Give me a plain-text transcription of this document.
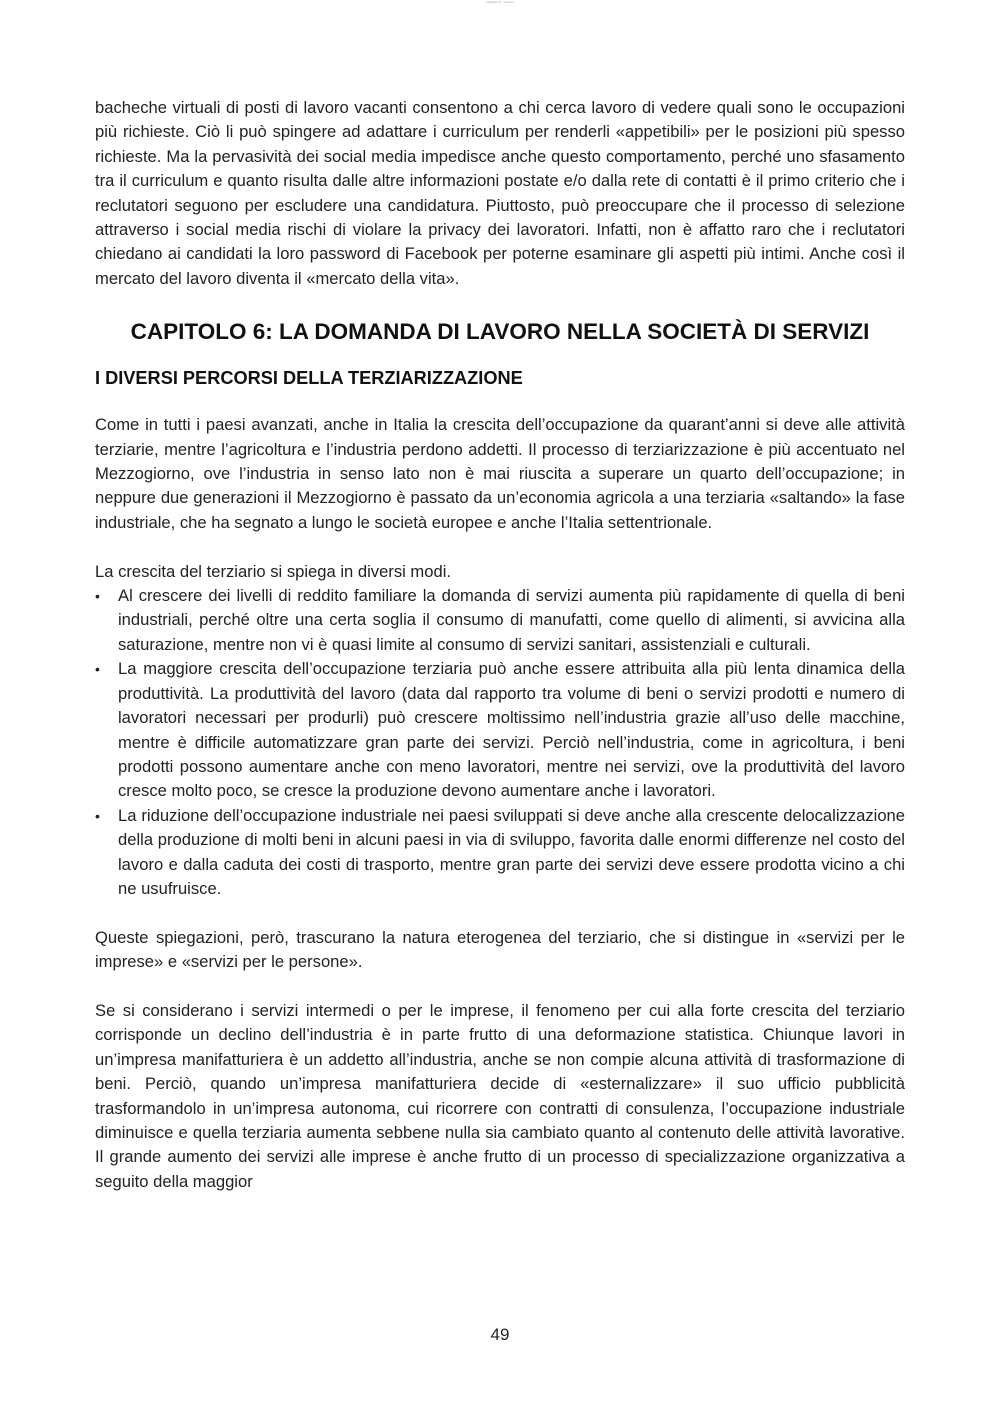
Capitolo 6 - Lavoro

bacheche virtuali di posti di lavoro vacanti consentono a chi cerca lavoro di vedere quali sono le occupazioni più richieste. Ciò li può spingere ad adattare i curriculum per renderli «appetibili» per le posizioni più spesso richieste. Ma la pervasività dei social media impedisce anche questo comportamento, perché uno sfasamento tra il curriculum e quanto risulta dalle altre informazioni postate e/o dalla rete di contatti è il primo criterio che i reclutatori seguono per escludere una candidatura. Piuttosto, può preoccupare che il processo di selezione attraverso i social media rischi di violare la privacy dei lavoratori. Infatti, non è affatto raro che i reclutatori chiedano ai candidati la loro password di Facebook per poterne esaminare gli aspetti più intimi. Anche così il mercato del lavoro diventa il «mercato della vita».

CAPITOLO 6: LA DOMANDA DI LAVORO NELLA SOCIETÀ DI SERVIZI
I DIVERSI PERCORSI DELLA TERZIARIZZAZIONE

Come in tutti i paesi avanzati, anche in Italia la crescita dell’occupazione da quarant’anni si deve alle attività terziarie, mentre l’agricoltura e l’industria perdono addetti. Il processo di terziarizzazione è più accentuato nel Mezzogiorno, ove l’industria in senso lato non è mai riuscita a superare un quarto dell’occupazione; in neppure due generazioni il Mezzogiorno è passato da un’economia agricola a una terziaria «saltando» la fase industriale, che ha segnato a lungo le società europee e anche l’Italia settentrionale.

La crescita del terziario si spiega in diversi modi.

•	Al crescere dei livelli di reddito familiare la domanda di servizi aumenta più rapidamente di quella di beni industriali, perché oltre una certa soglia il consumo di manufatti, come quello di alimenti, si avvicina alla saturazione, mentre non vi è quasi limite al consumo di servizi sanitari, assistenziali e culturali.
•	La maggiore crescita dell’occupazione terziaria può anche essere attribuita alla più lenta dinamica della produttività. La produttività del lavoro (data dal rapporto tra volume di beni o servizi prodotti e numero di lavoratori necessari per produrli) può crescere moltissimo nell’industria grazie all’uso delle macchine, mentre è difficile automatizzare gran parte dei servizi. Perciò nell’industria, come in agricoltura, i beni prodotti possono aumentare anche con meno lavoratori, mentre nei servizi, ove la produttività del lavoro cresce molto poco, se cresce la produzione devono aumentare anche i lavoratori.
•	La riduzione dell’occupazione industriale nei paesi sviluppati si deve anche alla crescente delocalizzazione della produzione di molti beni in alcuni paesi in via di sviluppo, favorita dalle enormi differenze nel costo del lavoro e dalla caduta dei costi di trasporto, mentre gran parte dei servizi deve essere prodotta vicino a chi ne usufruisce.

Queste spiegazioni, però, trascurano la natura eterogenea del terziario, che si distingue in «servizi per le imprese» e «servizi per le persone».

Se si considerano i servizi intermedi o per le imprese, il fenomeno per cui alla forte crescita del terziario corrisponde un declino dell’industria è in parte frutto di una deformazione statistica. Chiunque lavori in un’impresa manifatturiera è un addetto all’industria, anche se non compie alcuna attività di trasformazione di beni. Perciò, quando un’impresa manifatturiera decide di «esternalizzare» il suo ufficio pubblicità trasformandolo in un’impresa autonoma, cui ricorrere con contratti di consulenza, l’occupazione industriale diminuisce e quella terziaria aumenta sebbene nulla sia cambiato quanto al contenuto delle attività lavorative. Il grande aumento dei servizi alle imprese è anche frutto di un processo di specializzazione organizzativa a seguito della maggior

49
